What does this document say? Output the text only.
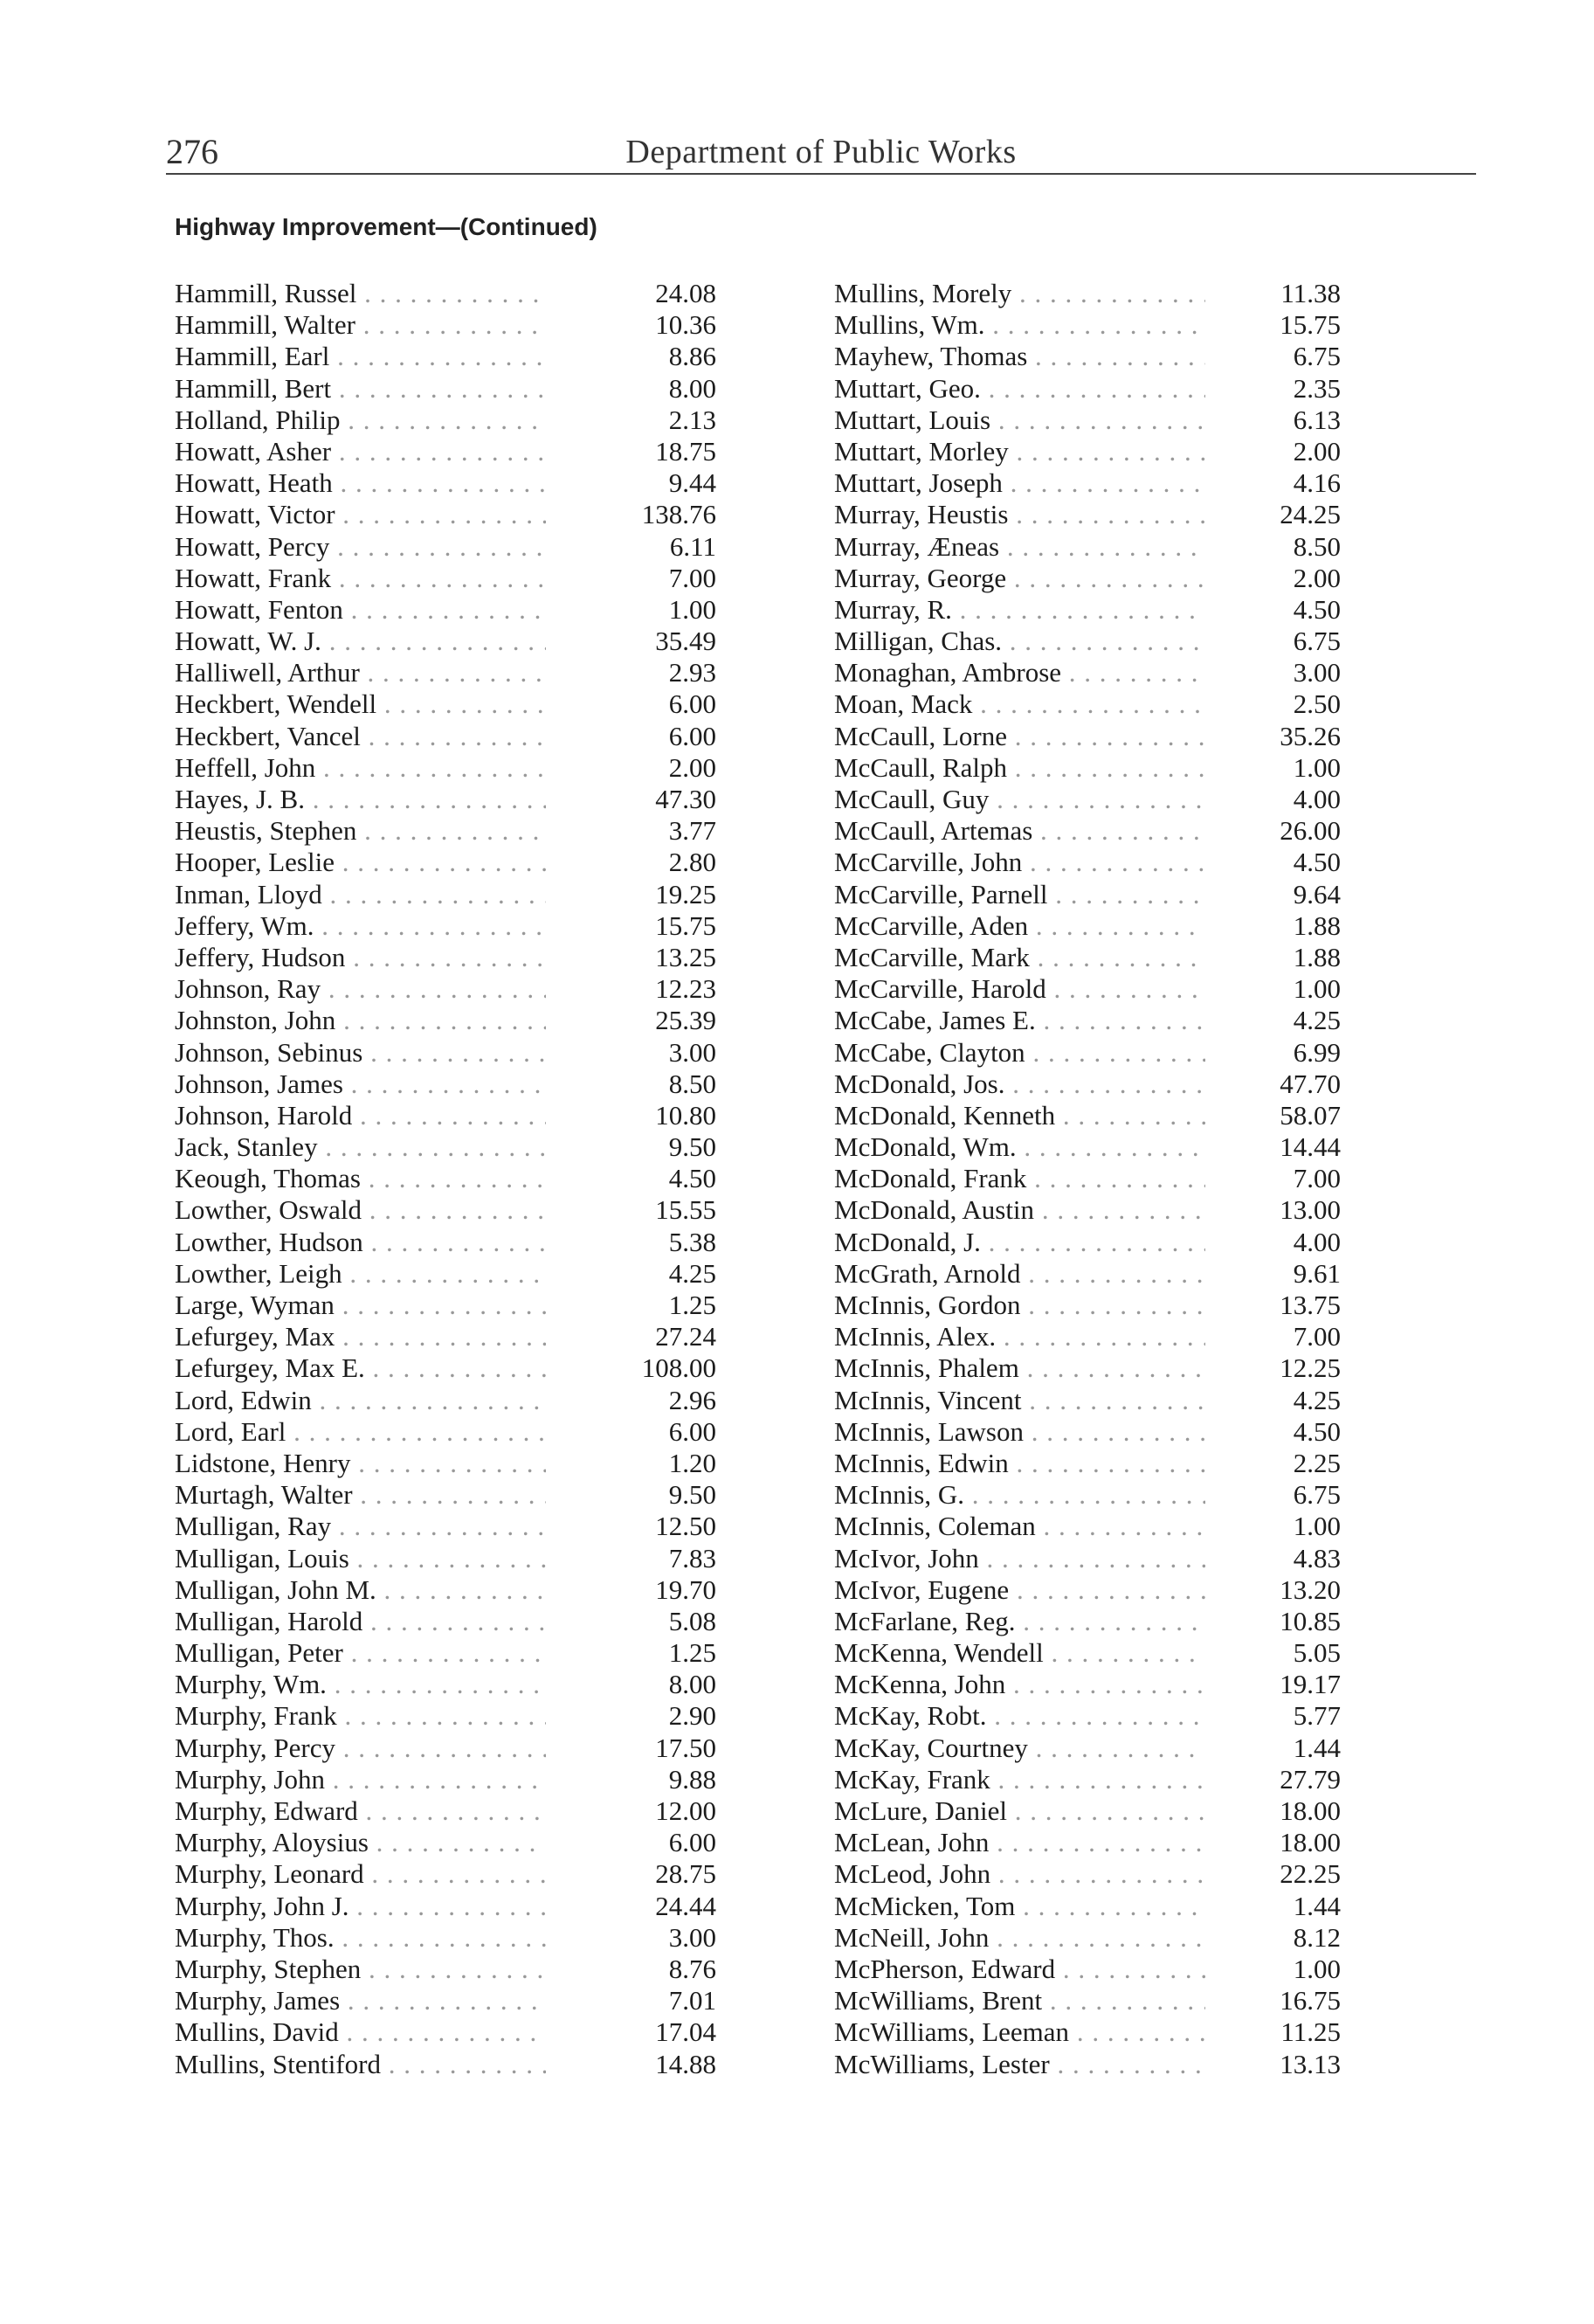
276	Department of Public Works
Highway Improvement—(Continued)
Hammill, Russel . . .	24.08
Hammill, Walter . . .	10.36
Hammill, Earl . . .	8.86
Hammill, Bert . . .	8.00
Holland, Philip . . .	2.13
Howatt, Asher . . .	18.75
Howatt, Heath . . .	9.44
Howatt, Victor . . .	138.76
Howatt, Percy . . .	6.11
Howatt, Frank . . .	7.00
Howatt, Fenton . . .	1.00
Howatt, W. J. . . .	35.49
Halliwell, Arthur . . .	2.93
Heckbert, Wendell . . .	6.00
Heckbert, Vancel . . .	6.00
Heffell, John . . .	2.00
Hayes, J. B. . . .	47.30
Heustis, Stephen . . .	3.77
Hooper, Leslie . . .	2.80
Inman, Lloyd . . .	19.25
Jeffery, Wm. . . .	15.75
Jeffery, Hudson . . .	13.25
Johnson, Ray . . .	12.23
Johnston, John . . .	25.39
Johnson, Sebinus . . .	3.00
Johnson, James . . .	8.50
Johnson, Harold . . .	10.80
Jack, Stanley . . .	9.50
Keough, Thomas . . .	4.50
Lowther, Oswald . . .	15.55
Lowther, Hudson . . .	5.38
Lowther, Leigh . . .	4.25
Large, Wyman . . .	1.25
Lefurgey, Max . . .	27.24
Lefurgey, Max E. . . .	108.00
Lord, Edwin . . .	2.96
Lord, Earl . . .	6.00
Lidstone, Henry . . .	1.20
Murtagh, Walter . . .	9.50
Mulligan, Ray . . .	12.50
Mulligan, Louis . . .	7.83
Mulligan, John M. . . .	19.70
Mulligan, Harold . . .	5.08
Mulligan, Peter . . .	1.25
Murphy, Wm. . . .	8.00
Murphy, Frank . . .	2.90
Murphy, Percy . . .	17.50
Murphy, John . . .	9.88
Murphy, Edward . . .	12.00
Murphy, Aloysius . . .	6.00
Murphy, Leonard . . .	28.75
Murphy, John J. . . .	24.44
Murphy, Thos. . . .	3.00
Murphy, Stephen . . .	8.76
Murphy, James . . .	7.01
Mullins, David . . .	17.04
Mullins, Stentiford . . .	14.88
Mullins, Morely . . .	11.38
Mullins, Wm. . . .	15.75
Mayhew, Thomas . . .	6.75
Muttart, Geo. . . .	2.35
Muttart, Louis . . .	6.13
Muttart, Morley . . .	2.00
Muttart, Joseph . . .	4.16
Murray, Heustis . . .	24.25
Murray, Æneas . . .	8.50
Murray, George . . .	2.00
Murray, R. . . .	4.50
Milligan, Chas. . . .	6.75
Monaghan, Ambrose . . .	3.00
Moan, Mack . . .	2.50
McCaull, Lorne . . .	35.26
McCaull, Ralph . . .	1.00
McCaull, Guy . . .	4.00
McCaull, Artemas . . .	26.00
McCarville, John . . .	4.50
McCarville, Parnell . . .	9.64
McCarville, Aden . . .	1.88
McCarville, Mark . . .	1.88
McCarville, Harold . . .	1.00
McCabe, James E. . . .	4.25
McCabe, Clayton . . .	6.99
McDonald, Jos. . . .	47.70
McDonald, Kenneth . . .	58.07
McDonald, Wm. . . .	14.44
McDonald, Frank . . .	7.00
McDonald, Austin . . .	13.00
McDonald, J. . . .	4.00
McGrath, Arnold . . .	9.61
McInnis, Gordon . . .	13.75
McInnis, Alex. . . .	7.00
McInnis, Phalem . . .	12.25
McInnis, Vincent . . .	4.25
McInnis, Lawson . . .	4.50
McInnis, Edwin . . .	2.25
McInnis, G. . . .	6.75
McInnis, Coleman . . .	1.00
McIvor, John . . .	4.83
McIvor, Eugene . . .	13.20
McFarlane, Reg. . . .	10.85
McKenna, Wendell . . .	5.05
McKenna, John . . .	19.17
McKay, Robt. . . .	5.77
McKay, Courtney . . .	1.44
McKay, Frank . . .	27.79
McLure, Daniel . . .	18.00
McLean, John . . .	18.00
McLeod, John . . .	22.25
McMicken, Tom . . .	1.44
McNeill, John . . .	8.12
McPherson, Edward . . .	1.00
McWilliams, Brent . . .	16.75
McWilliams, Leeman . . .	11.25
McWilliams, Lester . . .	13.13
